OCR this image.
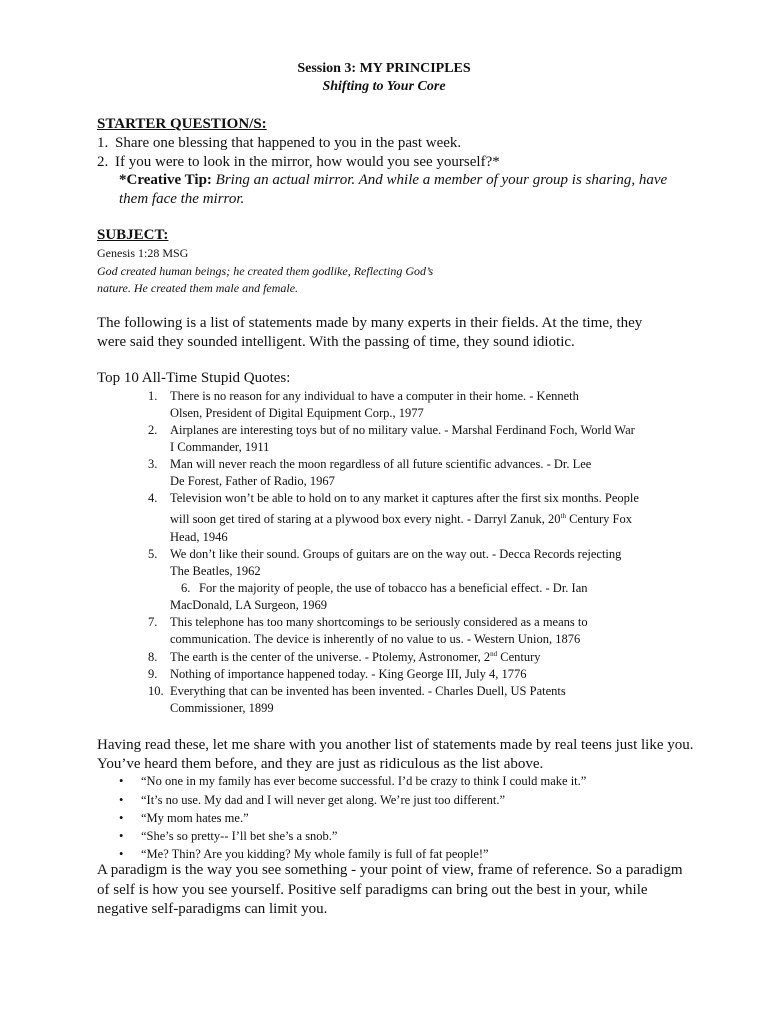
Session 3: MY PRINCIPLES
Shifting to Your Core
STARTER QUESTION/S:
1. Share one blessing that happened to you in the past week.
2. If you were to look in the mirror, how would you see yourself?*
*Creative Tip: Bring an actual mirror. And while a member of your group is sharing, have
them face the mirror.
SUBJECT:
Genesis 1:28 MSG
God created human beings; he created them godlike, Reflecting God’s
nature. He created them male and female.
The following is a list of statements made by many experts in their fields. At the time, they
were said they sounded intelligent. With the passing of time, they sound idiotic.
Top 10 All-Time Stupid Quotes:
1. There is no reason for any individual to have a computer in their home. - Kenneth
Olsen, President of Digital Equipment Corp., 1977
2. Airplanes are interesting toys but of no military value. - Marshal Ferdinand Foch, World War
I Commander, 1911
3. Man will never reach the moon regardless of all future scientific advances. - Dr. Lee
De Forest, Father of Radio, 1967
4. Television won’t be able to hold on to any market it captures after the first six months. People
will soon get tired of staring at a plywood box every night. - Darryl Zanuk, 20th Century Fox
Head, 1946
5. We don’t like their sound. Groups of guitars are on the way out. - Decca Records rejecting
The Beatles, 1962
6. For the majority of people, the use of tobacco has a beneficial effect. - Dr. Ian
MacDonald, LA Surgeon, 1969
7. This telephone has too many shortcomings to be seriously considered as a means to
communication. The device is inherently of no value to us. - Western Union, 1876
8. The earth is the center of the universe. - Ptolemy, Astronomer, 2nd Century
9. Nothing of importance happened today. - King George III, July 4, 1776
10. Everything that can be invented has been invented. - Charles Duell, US Patents
Commissioner, 1899
Having read these, let me share with you another list of statements made by real teens just like you.
You’ve heard them before, and they are just as ridiculous as the list above.
• “No one in my family has ever become successful. I’d be crazy to think I could make it.”
• “It’s no use. My dad and I will never get along. We’re just too different.”
• “My mom hates me.”
• “She’s so pretty-- I’ll bet she’s a snob.”
• “Me? Thin? Are you kidding? My whole family is full of fat people!”
A paradigm is the way you see something - your point of view, frame of reference. So a paradigm
of self is how you see yourself. Positive self paradigms can bring out the best in your, while
negative self-paradigms can limit you.
